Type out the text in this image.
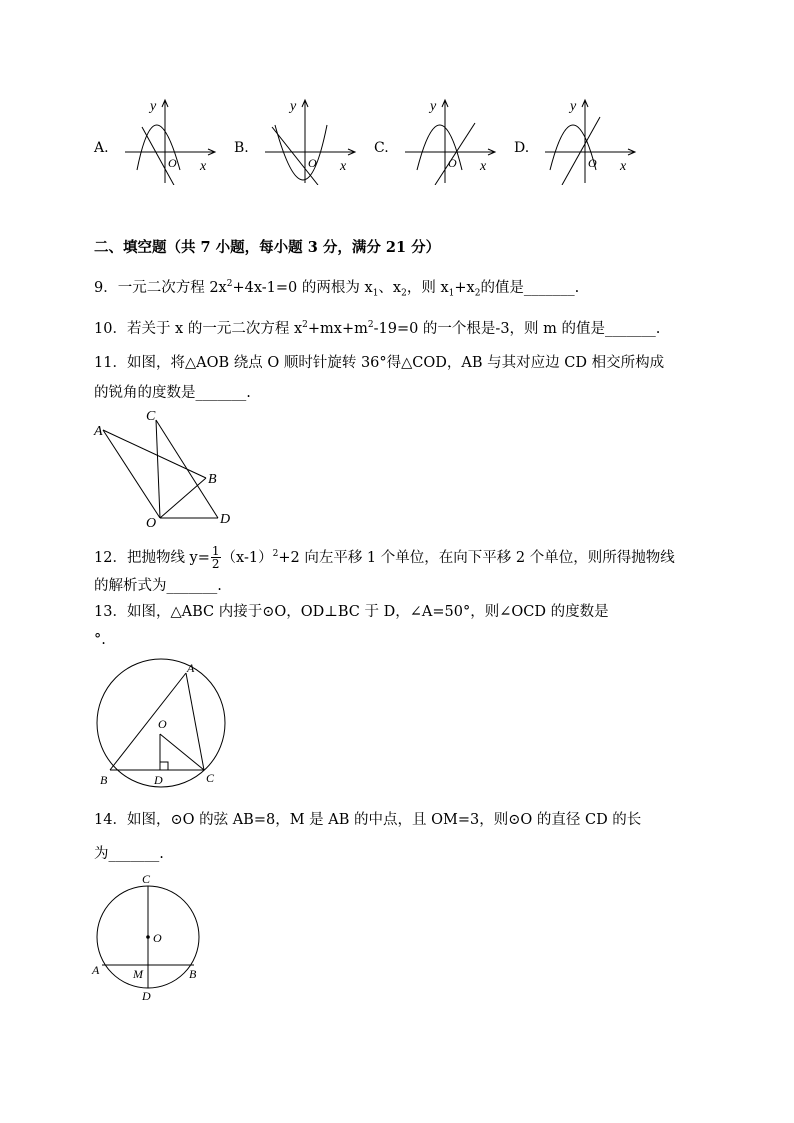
A.
y
O x
B.
y
O x
C.
y
O x
D.
y
O x
二、填空题（共 7 小题，每小题 3 分，满分 21 分）
9．一元二次方程 $2x^2+4x-1=0$ 的两根为 $x_1$、$x_2$，则 $x_1+x_2$的值是_______.
10．若关于 x 的一元二次方程 $x^2+mx+m^2-19=0$ 的一个根是-3，则 m 的值是_______.
11．如图，将△AOB 绕点 O 顺时针旋转 36°得△COD，AB 与其对应边 CD 相交所构成
的锐角的度数是_______.
A
C
B
O	D
12．把抛物线 $y= \frac{1}{2} (x-1)^2+2$ 向左平移 1 个单位，在向下平移 2 个单位，则所得抛物线
的解析式为_______.
13．如图，△ABC 内接于⊙O，OD⊥BC 于 D，∠A=50°，则∠OCD 的度数是
°.
A
O
B	D	C
14．如图，⊙O 的弦 AB=8，M 是 AB 的中点，且 OM=3，则⊙O 的直径 CD 的长
为_______.
C
O
A	M	B
D
